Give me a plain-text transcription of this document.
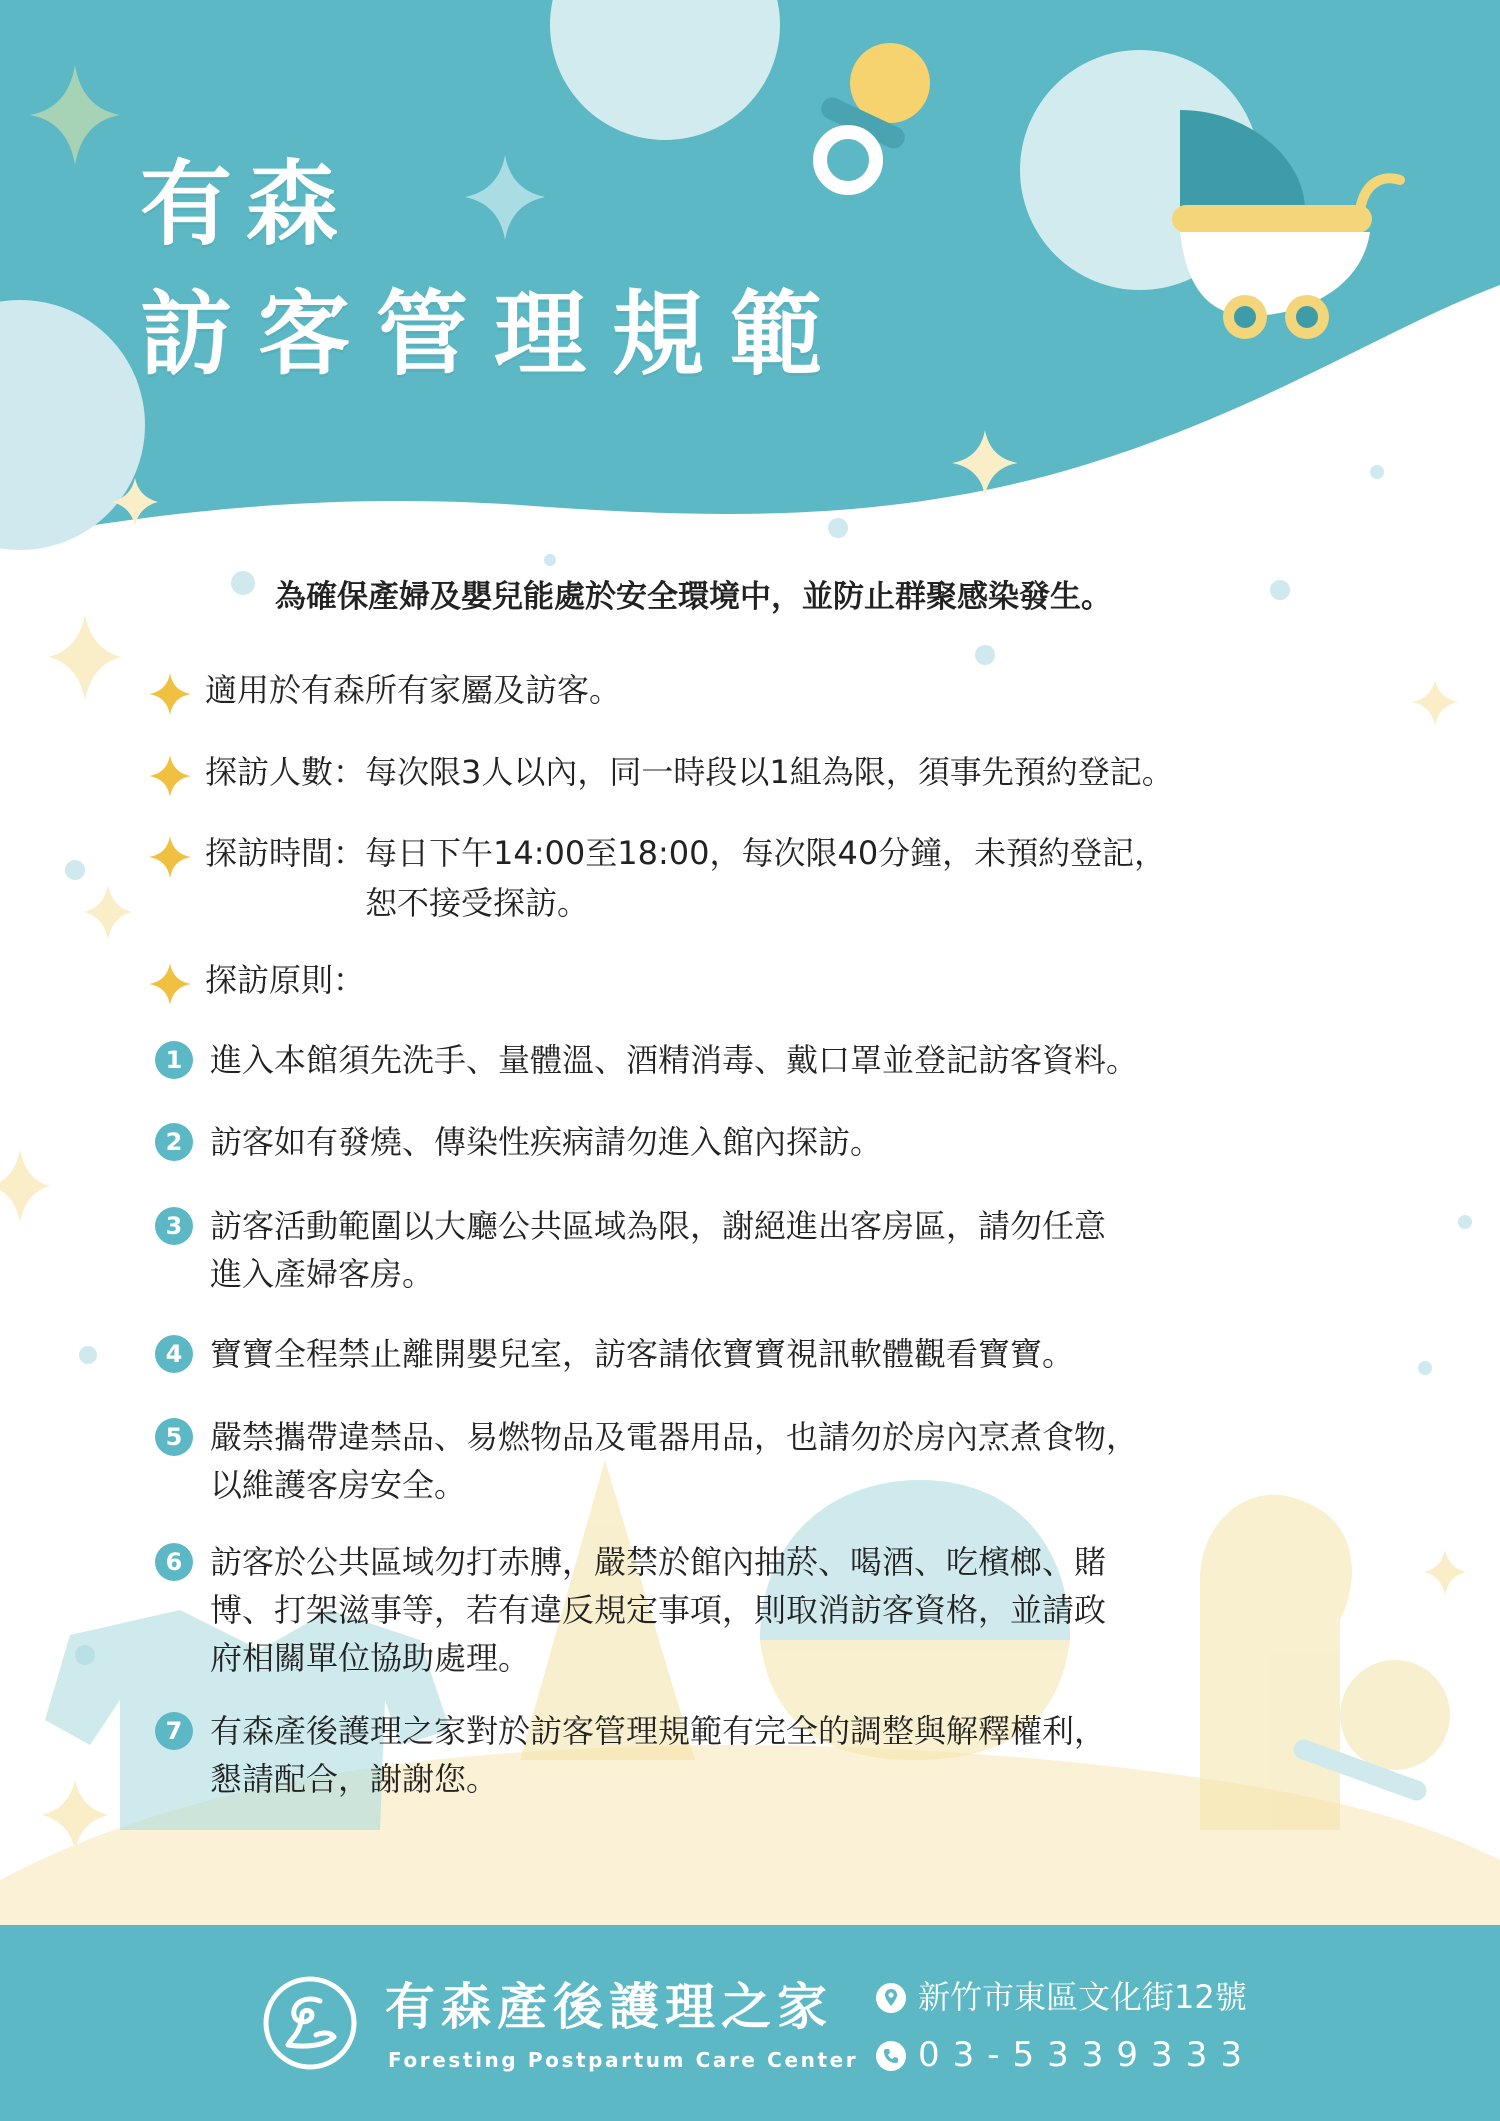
有森
訪客管理規範
為確保產婦及嬰兒能處於安全環境中，並防止群聚感染發生。
適用於有森所有家屬及訪客。
探訪人數： 每次限3人以內，同一時段以1組為限，須事先預約登記。
探訪時間： 每日下午14:00至18:00，每次限40分鐘，未預約登記，
恕不接受探訪。
探訪原則：
1 進入本館須先洗手、量體溫、酒精消毒、戴口罩並登記訪客資料。
2 訪客如有發燒、傳染性疾病請勿進入館內探訪。
3 訪客活動範圍以大廳公共區域為限，謝絕進出客房區，請勿任意
進入產婦客房。
4 寶寶全程禁止離開嬰兒室，訪客請依寶寶視訊軟體觀看寶寶。
5 嚴禁攜帶違禁品、易燃物品及電器用品，也請勿於房內烹煮食物，
以維護客房安全。
6 訪客於公共區域勿打赤膊，嚴禁於館內抽菸、喝酒、吃檳榔、賭
博、打架滋事等，若有違反規定事項，則取消訪客資格，並請政
府相關單位協助處理。
7 有森產後護理之家對於訪客管理規範有完全的調整與解釋權利，
懇請配合，謝謝您。
有森產後護理之家
Foresting Postpartum Care Center
新竹市東區文化街12號
03-5339333
